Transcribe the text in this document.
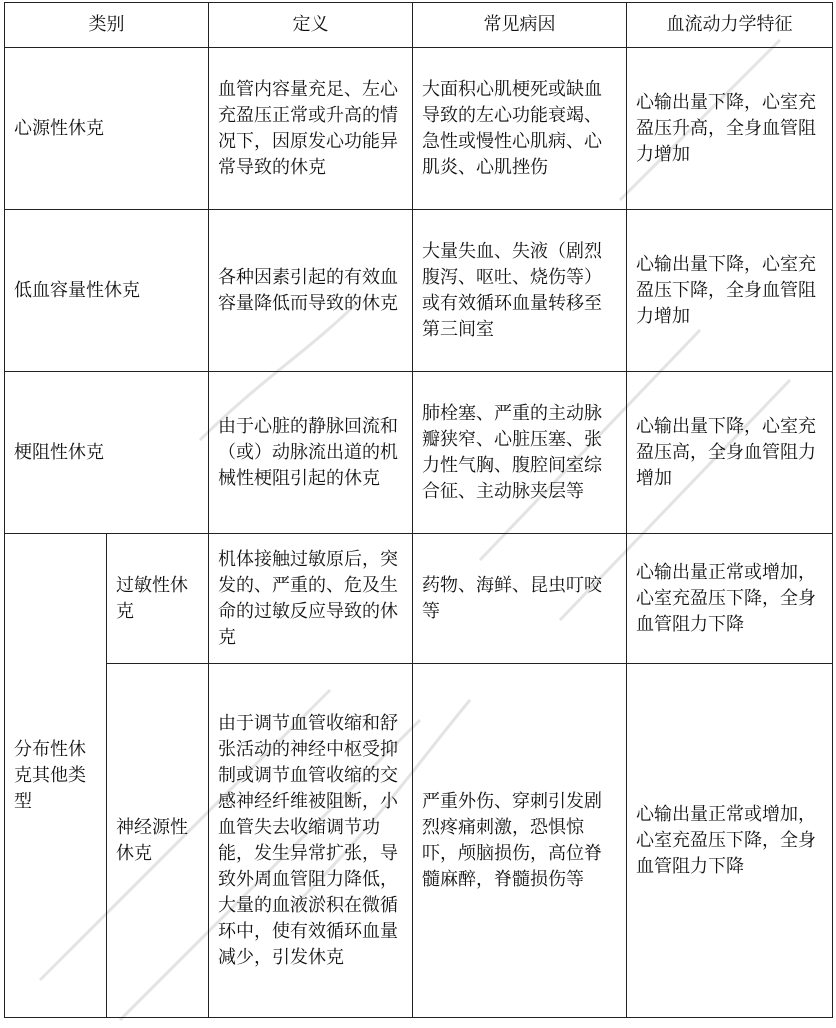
类别		定义	常见病因	血流动力学特征
心源性休克		血管内容量充足、左心充盈压正常或升高的情况下，因原发心功能异常导致的休克	大面积心肌梗死或缺血导致的左心功能衰竭、急性或慢性心肌病、心肌炎、心肌挫伤	心输出量下降，心室充盈压升高，全身血管阻力增加
低血容量性休克		各种因素引起的有效血容量降低而导致的休克	大量失血、失液（剧烈腹泻、呕吐、烧伤等）或有效循环血量转移至第三间室	心输出量下降，心室充盈压下降，全身血管阻力增加
梗阻性休克		由于心脏的静脉回流和（或）动脉流出道的机械性梗阻引起的休克	肺栓塞、严重的主动脉瓣狭窄、心脏压塞、张力性气胸、腹腔间室综合征、主动脉夹层等	心输出量下降，心室充盈压高，全身血管阻力增加
分布性休克其他类型	过敏性休克	机体接触过敏原后，突发的、严重的、危及生命的过敏反应导致的休克	药物、海鲜、昆虫叮咬等	心输出量正常或增加，心室充盈压下降，全身血管阻力下降
	神经源性休克	由于调节血管收缩和舒张活动的神经中枢受抑制或调节血管收缩的交感神经纤维被阻断，小血管失去收缩调节功能，发生异常扩张，导致外周血管阻力降低，大量的血液淤积在微循环中，使有效循环血量减少，引发休克	严重外伤、穿刺引发剧烈疼痛刺激，恐惧惊吓，颅脑损伤，高位脊髓麻醉，脊髓损伤等	心输出量正常或增加，心室充盈压下降，全身血管阻力下降
